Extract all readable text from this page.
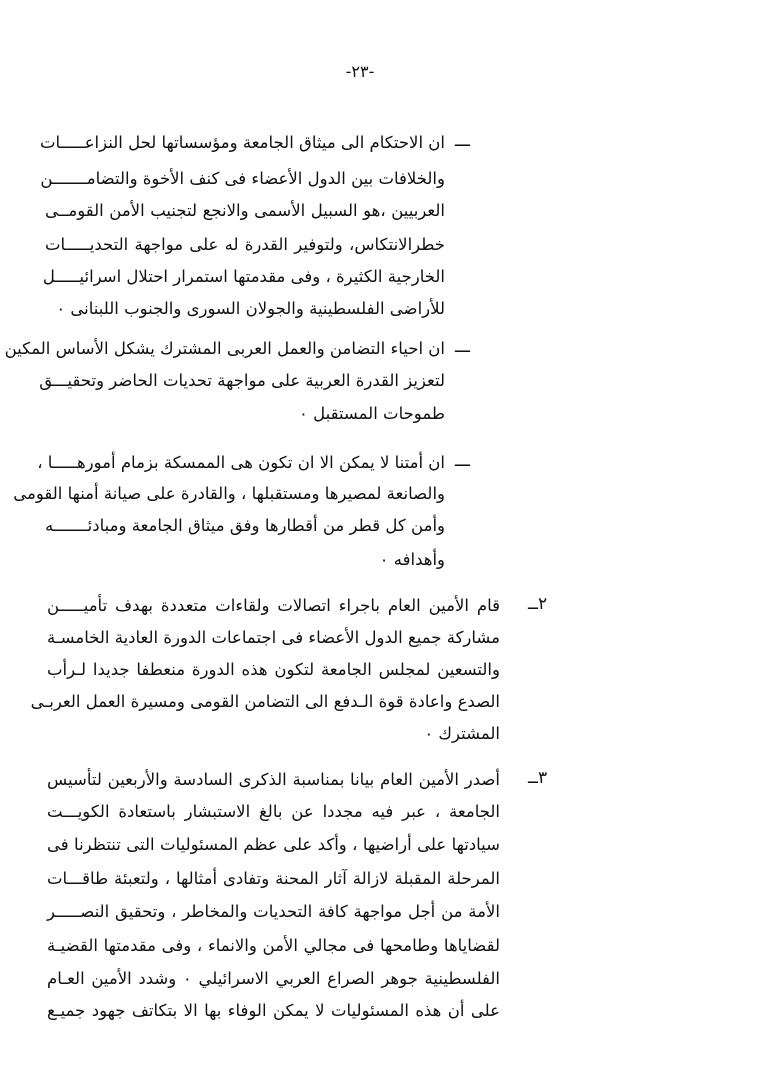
-٢٣-
ـــ
ان الاحتكام الى ميثاق الجامعة ومؤسساتها لحل النزاعـــــات
والخلافات بين الدول الأعضاء فى كنف الأخوة والتضامـــــــن
العربيين ،هو السبيل الأسمى والانجع لتجنيب الأمن القومــى
خطرالانتكاس، ولتوفير القدرة له على مواجهة التحديـــــات
الخارجية الكثيرة ، وفى مقدمتها استمرار احتلال اسرائيـــــل
للأراضى الفلسطينية والجولان السورى والجنوب اللبنانى ٠
ـــ
ان احياء التضامن والعمل العربى المشترك يشكل الأساس المكين
لتعزيز القدرة العربية على مواجهة تحديات الحاضر وتحقيـــق
طموحات المستقبل ٠
ـــ
ان أمتنا لا يمكن الا ان تكون هى الممسكة بزمام أمورهـــــا ،
والصانعة لمصيرها ومستقبلها ، والقادرة على صيانة أمنها القومى
وأمن كل قطر من أقطارها وفق ميثاق الجامعة ومبادئـــــــه
وأهدافه ٠
٢ــ
قام الأمين العام باجراء اتصالات ولقاءات متعددة بهدف تأميـــــن
مشاركة جميع الدول الأعضاء فى اجتماعات الدورة العادية الخامسـة
والتسعين لمجلس الجامعة لتكون هذه الدورة منعطفا جديدا لـرأب
الصدع واعادة قوة الـدفع الى التضامن القومى ومسيرة العمل العربـى
المشترك ٠
٣ــ
أصدر الأمين العام بيانا بمناسبة الذكرى السادسة والأربعين لتأسيس
الجامعة ، عبر فيه مجددا عن بالغ الاستبشار باستعادة الكويـــت
سيادتها على أراضيها ، وأكد على عظم المسئوليات التى تنتظرنا فى
المرحلة المقبلة لازالة آثار المحنة وتفادى أمثالها ، ولتعبئة طاقـــات
الأمة من أجل مواجهة كافة التحديات والمخاطر ، وتحقيق النصـــــر
لقضاياها وطامحها فى مجالي الأمن والانماء ، وفى مقدمتها القضيـة
الفلسطينية جوهر الصراع العربي الاسرائيلي ٠ وشدد الأمين العـام
على أن هذه المسئوليات لا يمكن الوفاء بها الا بتكاتف جهود جميـع
